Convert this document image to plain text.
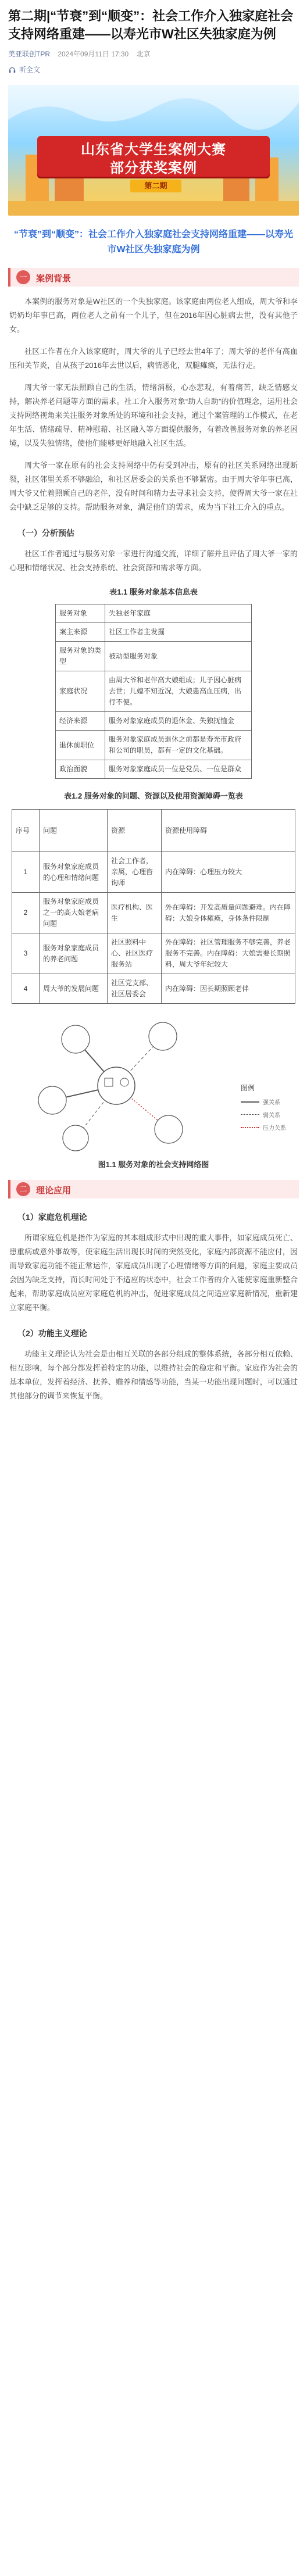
第二期|“节衰”到“顺变”：社会工作介入独家庭社会支持网络重建——以寿光市W社区失独家庭为例
美亚联创TPR 2024年09月11日 17:30 北京
听全文
山东省大学生案例大赛
部分获奖案例
第二期
“节衰”到“顺变”：社会工作介入独家庭社会支持网络重建——以寿光市W社区失独家庭为例
一	案例背景

本案例的服务对象是W社区的一个失独家庭。该家庭由两位老人组成，周大爷和李奶奶均年事已高，两位老人之前有一个儿子，但在2016年因心脏病去世，没有其他子女。

社区工作者在介入该家庭时，周大爷的儿子已经去世4年了；周大爷的老伴有高血压和关节炎，自从孩子2016年去世以后，病情恶化，双腿瘫痪，无法行走。

周大爷一家无法照顾自己的生活，情绪消极，心态悲观，有着痛苦，缺乏情感支持，解决养老问题等方面的需求。社工介入服务对象“助人自助”的价值理念，运用社会支持网络视角来关注服务对象所处的环境和社会支持，通过个案管理的工作模式，在老年生活、情绪疏导、精神慰藉、社区融入等方面提供服务，有着改善服务对象的养老困境，以及失独情绪，使他们能够更好地融入社区生活。

周大爷一家在原有的社会支持网络中仍有受到冲击，原有的社区关系网络出现断裂，社区邻里关系不够融洽，和社区居委会的关系也不够紧密。由于周大爷年事已高，周大爷又忙着照顾自己的老伴，没有时间和精力去寻求社会支持，使得周大爷一家在社会中缺乏足够的支持。帮助服务对象，满足他们的需求，成为当下社工介入的重点。

（一）分析预估

社区工作者通过与服务对象一家进行沟通交流，详细了解并且评估了周大爷一家的心理和情绪状况、社会支持系统、社会资源和需求等方面。

表1.1 服务对象基本信息表
服务对象	失独老年家庭
案主来源	社区工作者主发掘
服务对象的类型	被动型服务对象
家庭状况	由周大爷和老伴高大娘组成；儿子因心脏病去世；儿媳不知近况，大娘患高血压病，出行不便。
经济来源	服务对象家庭成员的退休金、失独抚恤金
退休前职位	服务对象家庭成员退休之前都是寿光市政府和公司的职员，都有一定的文化基础。
政治面貌	服务对象家庭成员一位是党员、一位是群众
表1.2 服务对象的问题、资源以及使用资源障碍一览表
序号	问题	资源	资源使用障碍
1	服务对象家庭成员的心理和情绪问题	社会工作者，亲属，心理咨询师	内在障碍：心理压力较大
2	服务对象家庭成员之一的高大娘老病问题	医疗机构、医生	外在障碍：开发高质量问题避难。内在障碍：大娘身体瘫痪，身体条件限制
3	服务对象家庭成员的养老问题	社区照料中心、社区医疗服务站	外在障碍：社区管理服务不够完善，养老服务不完善。内在障碍：大娘需要长期照料，周大爷年纪较大
4	周大爷的发展问题	社区党支部、社区居委会	内在障碍：因长期照顾老伴
图例
强关系
弱关系
压力关系
图1.1 服务对象的社会支持网络图
二	理论应用
（1）家庭危机理论

所谓家庭危机是指作为家庭的其本组成形式中出现的重大事件，如家庭成员死亡、患重病或意外事故等，使家庭生活出现长时间的突然变化，家庭内部资源不能应付，因而导致家庭功能不能正常运作，家庭成员出现了心理情绪等方面的问题，家庭主要成员会因为缺乏支持，而长时间处于不适应的状态中，社会工作者的介入能使家庭重新整合起来，帮助家庭成员应对家庭危机的冲击，促进家庭成员之间适应家庭新情况，重新建立家庭平衡。

（2）功能主义理论

功能主义理论认为社会是由相互关联的各部分组成的整体系统，各部分相互依赖、相互影响，每个部分都发挥着特定的功能，以维持社会的稳定和平衡。家庭作为社会的基本单位，发挥着经济、抚养、赡养和情感等功能，当某一功能出现问题时，可以通过其他部分的调节来恢复平衡。
